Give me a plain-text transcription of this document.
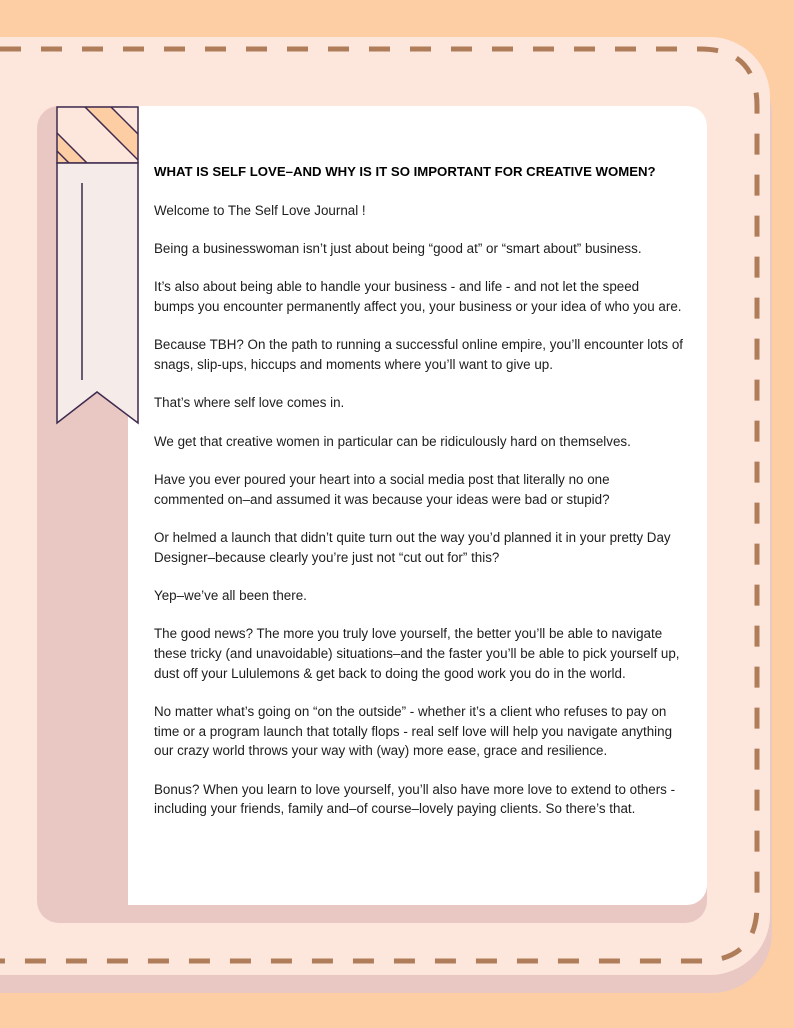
WHAT IS SELF LOVE–AND WHY IS IT SO IMPORTANT FOR CREATIVE WOMEN?

Welcome to The Self Love Journal !

Being a businesswoman isn’t just about being “good at” or “smart about” business.

It’s also about being able to handle your business - and life - and not let the speed
bumps you encounter permanently affect you, your business or your idea of who you are.

Because TBH? On the path to running a successful online empire, you’ll encounter lots of
snags, slip-ups, hiccups and moments where you’ll want to give up.

That’s where self love comes in.

We get that creative women in particular can be ridiculously hard on themselves.

Have you ever poured your heart into a social media post that literally no one
commented on–and assumed it was because your ideas were bad or stupid?

Or helmed a launch that didn’t quite turn out the way you’d planned it in your pretty Day
Designer–because clearly you’re just not “cut out for” this?

Yep–we’ve all been there.

The good news? The more you truly love yourself, the better you’ll be able to navigate
these tricky (and unavoidable) situations–and the faster you’ll be able to pick yourself up,
dust off your Lululemons & get back to doing the good work you do in the world.

No matter what’s going on “on the outside” - whether it’s a client who refuses to pay on
time or a program launch that totally flops - real self love will help you navigate anything
our crazy world throws your way with (way) more ease, grace and resilience.

Bonus? When you learn to love yourself, you’ll also have more love to extend to others -
including your friends, family and–of course–lovely paying clients. So there’s that.
